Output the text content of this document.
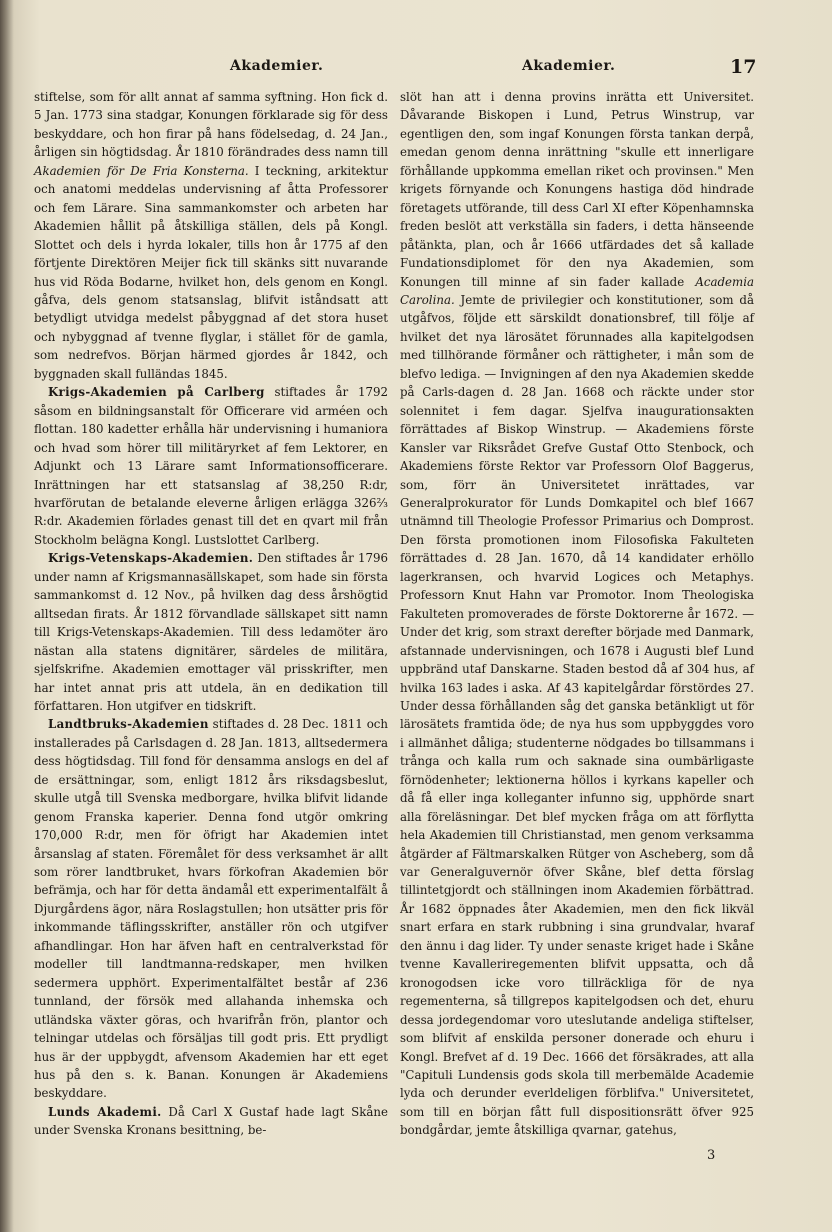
Akademier.	Akademier.	17

stiftelse, som för allt annat af samma syftning. Hon fick d. 5 Jan. 1773 sina stadgar, Konungen förklarade sig för dess beskyddare, och hon firar på hans födelsedag, d. 24 Jan., årligen sin högtidsdag. År 1810 förändrades dess namn till Akademien för De Fria Konsterna. I teckning, arkitektur och anatomi meddelas undervisning af åtta Professorer och fem Lärare. Sina sammankomster och arbeten har Akademien hållit på åtskilliga ställen, dels på Kongl. Slottet och dels i hyrda lokaler, tills hon år 1775 af den förtjente Direktören Meijer fick till skänks sitt nuvarande hus vid Röda Bodarne, hvilket hon, dels genom en Kongl. gåfva, dels genom statsanslag, blifvit iståndsatt att betydligt utvidga medelst påbyggnad af det stora huset och nybyggnad af tvenne flyglar, i stället för de gamla, som nedrefvos. Början härmed gjordes år 1842, och byggnaden skall fulländas 1845.

Krigs-Akademien på Carlberg stiftades år 1792 såsom en bildningsanstalt för Officerare vid arméen och flottan. 180 kadetter erhålla här undervisning i humaniora och hvad som hörer till militäryrket af fem Lektorer, en Adjunkt och 13 Lärare samt Informationsofficerare. Inrättningen har ett statsanslag af 38,250 R:dr, hvarförutan de betalande eleverne årligen erlägga 326⅔ R:dr. Akademien förlades genast till det en qvart mil från Stockholm belägna Kongl. Lustslottet Carlberg.

Krigs-Vetenskaps-Akademien. Den stiftades år 1796 under namn af Krigsmannasällskapet, som hade sin första sammankomst d. 12 Nov., på hvilken dag dess årshögtid alltsedan firats. År 1812 förvandlade sällskapet sitt namn till Krigs-Vetenskaps-Akademien. Till dess ledamöter äro nästan alla statens dignitärer, särdeles de militära, sjelfskrifne. Akademien emottager väl prisskrifter, men har intet annat pris att utdela, än en dedikation till författaren. Hon utgifver en tidskrift.

Landtbruks-Akademien stiftades d. 28 Dec. 1811 och installerades på Carlsdagen d. 28 Jan. 1813, alltsedermera dess högtidsdag. Till fond för densamma anslogs en del af de ersättningar, som, enligt 1812 års riksdagsbeslut, skulle utgå till Svenska medborgare, hvilka blifvit lidande genom Franska kaperier. Denna fond utgör omkring 170,000 R:dr, men för öfrigt har Akademien intet årsanslag af staten. Föremålet för dess verksamhet är allt som rörer landtbruket, hvars förkofran Akademien bör befrämja, och har för detta ändamål ett experimentalfält å Djurgårdens ägor, nära Roslagstullen; hon utsätter pris för inkommande täflingsskrifter, anställer rön och utgifver afhandlingar. Hon har äfven haft en centralverkstad för modeller till landtmanna-redskaper, men hvilken sedermera upphört. Experimentalfältet består af 236 tunnland, der försök med allahanda inhemska och utländska växter göras, och hvarifrån frön, plantor och telningar utdelas och försäljas till godt pris. Ett prydligt hus är der uppbygdt, afvensom Akademien har ett eget hus på den s. k. Banan. Konungen är Akademiens beskyddare.

Lunds Akademi. Då Carl X Gustaf hade lagt Skåne under Svenska Kronans besittning, be-

slöt han att i denna provins inrätta ett Universitet. Dåvarande Biskopen i Lund, Petrus Winstrup, var egentligen den, som ingaf Konungen första tankan derpå, emedan genom denna inrättning "skulle ett innerligare förhållande uppkomma emellan riket och provinsen." Men krigets förnyande och Konungens hastiga död hindrade företagets utförande, till dess Carl XI efter Köpenhamnska freden beslöt att verkställa sin faders, i detta hänseende påtänkta, plan, och år 1666 utfärdades det så kallade Fundationsdiplomet för den nya Akademien, som Konungen till minne af sin fader kallade Academia Carolina. Jemte de privilegier och konstitutioner, som då utgåfvos, följde ett särskildt donationsbref, till följe af hvilket det nya lärosätet förunnades alla kapitelgodsen med tillhörande förmåner och rättigheter, i mån som de blefvo lediga. — Invigningen af den nya Akademien skedde på Carls-dagen d. 28 Jan. 1668 och räckte under stor solennitet i fem dagar. Sjelfva inaugurationsakten förrättades af Biskop Winstrup. — Akademiens förste Kansler var Riksrådet Grefve Gustaf Otto Stenbock, och Akademiens förste Rektor var Professorn Olof Baggerus, som, förr än Universitetet inrättades, var Generalprokurator för Lunds Domkapitel och blef 1667 utnämnd till Theologie Professor Primarius och Domprost. Den första promotionen inom Filosofiska Fakulteten förrättades d. 28 Jan. 1670, då 14 kandidater erhöllo lagerkransen, och hvarvid Logices och Metaphys. Professorn Knut Hahn var Promotor. Inom Theologiska Fakulteten promoverades de förste Doktorerne år 1672. — Under det krig, som straxt derefter började med Danmark, afstannade undervisningen, och 1678 i Augusti blef Lund uppbränd utaf Danskarne. Staden bestod då af 304 hus, af hvilka 163 lades i aska. Af 43 kapitelgårdar förstördes 27. Under dessa förhållanden såg det ganska betänkligt ut för lärosätets framtida öde; de nya hus som uppbyggdes voro i allmänhet dåliga; studenterne nödgades bo tillsammans i trånga och kalla rum och saknade sina oumbärligaste förnödenheter; lektionerna höllos i kyrkans kapeller och då få eller inga kolleganter infunno sig, upphörde snart alla föreläsningar. Det blef mycken fråga om att förflytta hela Akademien till Christianstad, men genom verksamma åtgärder af Fältmarskalken Rütger von Ascheberg, som då var Generalguvernör öfver Skåne, blef detta förslag tillintetgjordt och ställningen inom Akademien förbättrad. År 1682 öppnades åter Akademien, men den fick likväl snart erfara en stark rubbning i sina grundvalar, hvaraf den ännu i dag lider. Ty under senaste kriget hade i Skåne tvenne Kavalleriregementen blifvit uppsatta, och då kronogodsen icke voro tillräckliga för de nya regementerna, så tillgrepos kapitelgodsen och det, ehuru dessa jordegendomar voro uteslutande andeliga stiftelser, som blifvit af enskilda personer donerade och ehuru i Kongl. Brefvet af d. 19 Dec. 1666 det försäkrades, att alla "Capituli Lundensis gods skola till merbemälde Academie lyda och derunder everldeligen förblifva." Universitetet, som till en början fått full dispositionsrätt öfver 925 bondgårdar, jemte åtskilliga qvarnar, gatehus,

3
